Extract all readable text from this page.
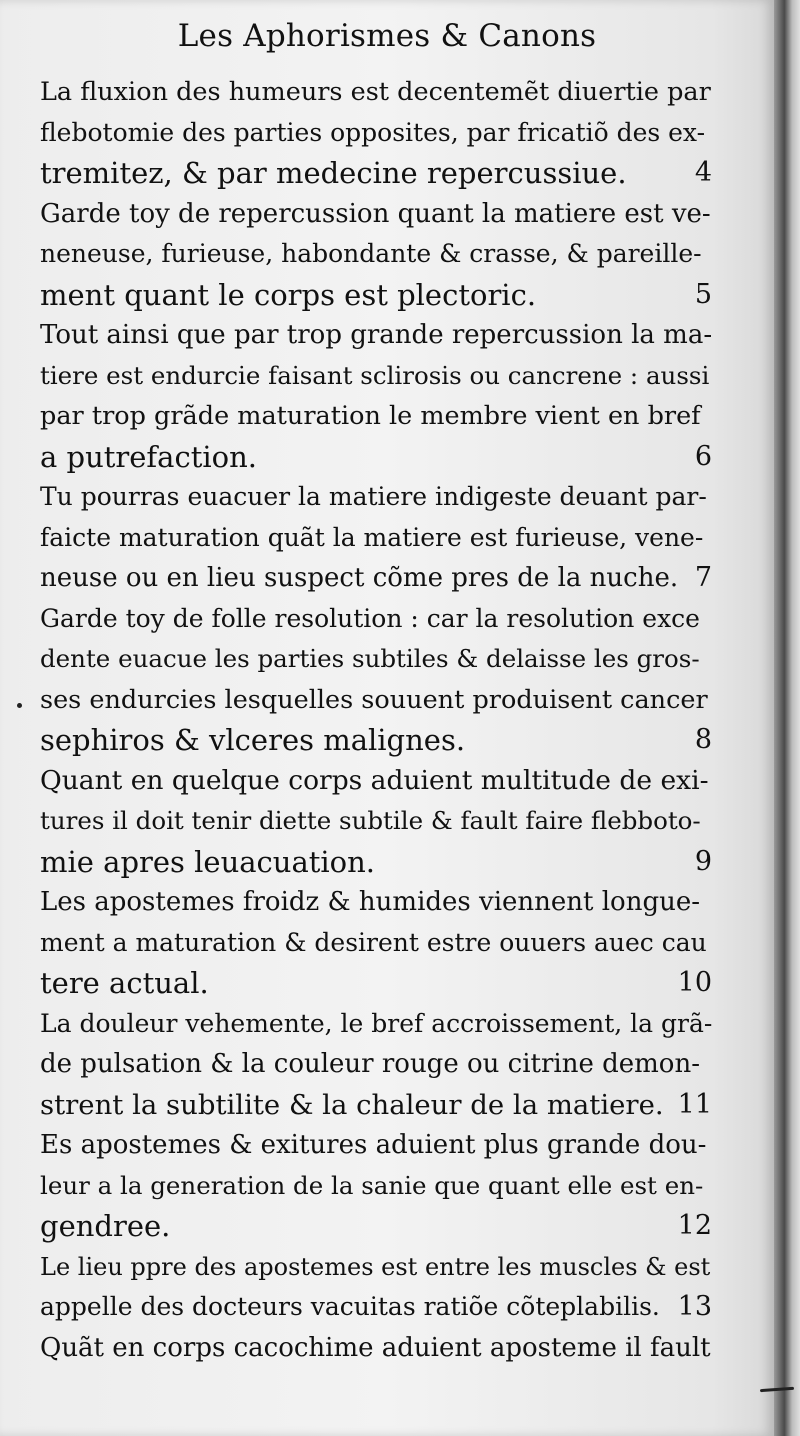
Les Aphorismes & Canons
La fluxion des humeurs est decentemẽt diuertie par
flebotomie des parties opposites, par fricatiõ des ex-
tremitez, & par medecine repercussiue.	4
Garde toy de repercussion quant la matiere est ve-
neneuse, furieuse, habondante & crasse, & pareille-
ment quant le corps est plectoric.	5
Tout ainsi que par trop grande repercussion la ma-
tiere est endurcie faisant sclirosis ou cancrene : aussi
par trop grãde maturation le membre vient en bref
a putrefaction.	6
Tu pourras euacuer la matiere indigeste deuant par-
faicte maturation quãt la matiere est furieuse, vene-
neuse ou en lieu suspect cõme pres de la nuche. 7
Garde toy de folle resolution : car la resolution exce
dente euacue les parties subtiles & delaisse les gros-
ses endurcies lesquelles souuent produisent cancer
sephiros & vlceres malignes.	8
Quant en quelque corps aduient multitude de exi-
tures il doit tenir diette subtile & fault faire flebboto-
mie apres leuacuation.	9
Les apostemes froidz & humides viennent longue-
ment a maturation & desirent estre ouuers auec cau
tere actual.	10
La douleur vehemente, le bref accroissement, la grã-
de pulsation & la couleur rouge ou citrine demon-
strent la subtilite & la chaleur de la matiere. 11
Es apostemes & exitures aduient plus grande dou-
leur a la generation de la sanie que quant elle est en-
gendree.	12
Le lieu ppre des apostemes est entre les muscles & est
appelle des docteurs vacuitas ratiõe cõteplabilis. 13
Quãt en corps cacochime aduient aposteme il fault
